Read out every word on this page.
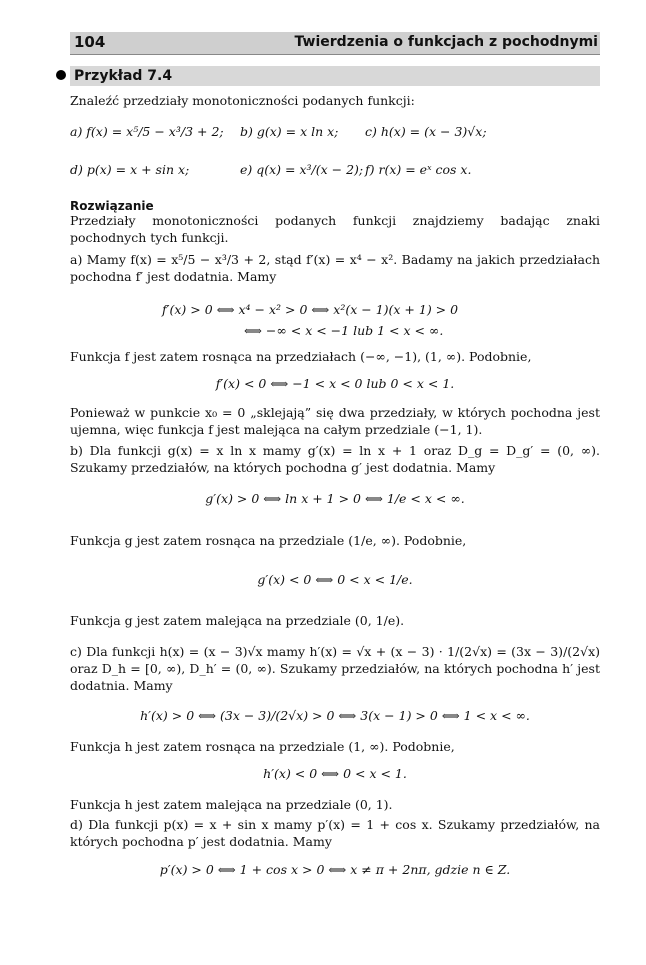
104	Twierdzenia o funkcjach z pochodnymi
Przykład 7.4
Znaleźć przedziały monotoniczności podanych funkcji:
a) f(x) = x⁵/5 − x³/3 + 2; b) g(x) = x ln x; c) h(x) = (x − 3)√x;
d) p(x) = x + sin x;	e) q(x) = x³/(x − 2); f) r(x) = eˣ cos x.
Rozwiązanie
Przedziały monotoniczności podanych funkcji znajdziemy badając znaki pochodnych tych funkcji.
a) Mamy f(x) = x⁵/5 − x³/3 + 2, stąd f′(x) = x⁴ − x². Badamy na jakich przedziałach pochodna f′ jest dodatnia. Mamy
f′(x) > 0 ⟺ x⁴ − x² > 0 ⟺ x²(x − 1)(x + 1) > 0
⟺ −∞ < x < −1 lub 1 < x < ∞.
Funkcja f jest zatem rosnąca na przedziałach (−∞, −1), (1, ∞). Podobnie,
f′(x) < 0 ⟺ −1 < x < 0 lub 0 < x < 1.
Ponieważ w punkcie x₀ = 0 „sklejają” się dwa przedziały, w których pochodna jest ujemna, więc funkcja f jest malejąca na całym przedziale (−1, 1).
b) Dla funkcji g(x) = x ln x mamy g′(x) = ln x + 1 oraz D_g = D_g′ = (0, ∞). Szukamy przedziałów, na których pochodna g′ jest dodatnia. Mamy
g′(x) > 0 ⟺ ln x + 1 > 0 ⟺ 1/e < x < ∞.
Funkcja g jest zatem rosnąca na przedziale (1/e, ∞). Podobnie,
g′(x) < 0 ⟺ 0 < x < 1/e.
Funkcja g jest zatem malejąca na przedziale (0, 1/e).
c) Dla funkcji h(x) = (x − 3)√x mamy h′(x) = √x + (x − 3) · 1/(2√x) = (3x − 3)/(2√x) oraz D_h = [0, ∞), D_h′ = (0, ∞). Szukamy przedziałów, na których pochodna h′ jest dodatnia. Mamy
h′(x) > 0 ⟺ (3x − 3)/(2√x) > 0 ⟺ 3(x − 1) > 0 ⟺ 1 < x < ∞.
Funkcja h jest zatem rosnąca na przedziale (1, ∞). Podobnie,
h′(x) < 0 ⟺ 0 < x < 1.
Funkcja h jest zatem malejąca na przedziale (0, 1).
d) Dla funkcji p(x) = x + sin x mamy p′(x) = 1 + cos x. Szukamy przedziałów, na których pochodna p′ jest dodatnia. Mamy
p′(x) > 0 ⟺ 1 + cos x > 0 ⟺ x ≠ π + 2nπ, gdzie n ∈ Z.
